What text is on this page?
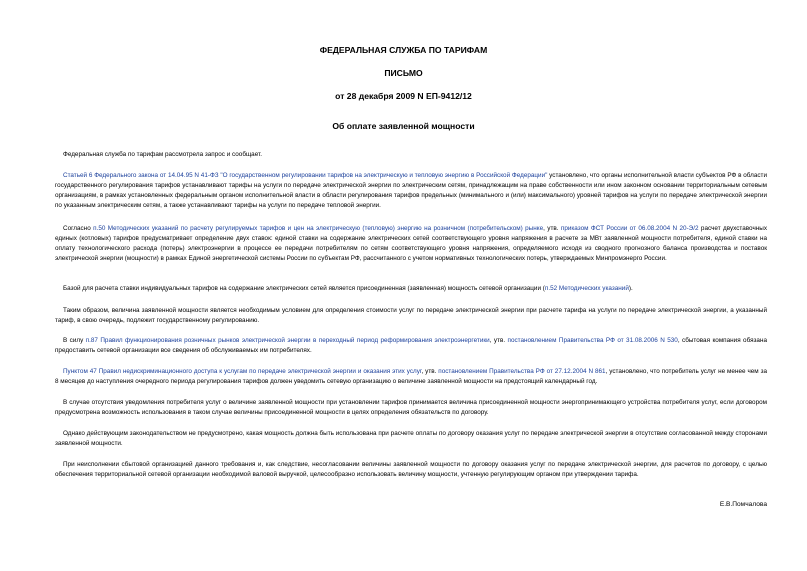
ФЕДЕРАЛЬНАЯ СЛУЖБА ПО ТАРИФАМ
ПИСЬМО
от 28 декабря 2009 N ЕП-9412/12
Об оплате заявленной мощности

Федеральная служба по тарифам рассмотрела запрос и сообщает.

Статьей 6 Федерального закона от 14.04.95 N 41-ФЗ "О государственном регулировании тарифов на электрическую и тепловую энергию в Российской Федерации" установлено, что органы исполнительной власти субъектов РФ в области государственного регулирования тарифов устанавливают тарифы на услуги по передаче электрической энергии по электрическим сетям, принадлежащим на праве собственности или ином законном основании территориальным сетевым организациям, в рамках установленных федеральным органом исполнительной власти в области регулирования тарифов предельных (минимального и (или) максимального) уровней тарифов на услуги по передаче электрической энергии по указанным электрическим сетям, а также устанавливают тарифы на услуги по передаче тепловой энергии.

Согласно п.50 Методических указаний по расчету регулируемых тарифов и цен на электрическую (тепловую) энергию на розничном (потребительском) рынке, утв. приказом ФСТ России от 06.08.2004 N 20-Э/2 расчет двухставочных единых (котловых) тарифов предусматривает определение двух ставок: единой ставки на содержание электрических сетей соответствующего уровня напряжения в расчете за МВт заявленной мощности потребителя, единой ставки на оплату технологического расхода (потерь) электроэнергии в процессе ее передачи потребителям по сетям соответствующего уровня напряжения, определяемого исходя из сводного прогнозного баланса производства и поставок электрической энергии (мощности) в рамках Единой энергетической системы России по субъектам РФ, рассчитанного с учетом нормативных технологических потерь, утверждаемых Минпромэнерго России.

Базой для расчета ставки индивидуальных тарифов на содержание электрических сетей является присоединенная (заявленная) мощность сетевой организации (п.52 Методических указаний).

Таким образом, величина заявленной мощности является необходимым условием для определения стоимости услуг по передаче электрической энергии при расчете тарифа на услуги по передаче электрической энергии, а указанный тариф, в свою очередь, подлежит государственному регулированию.

В силу п.87 Правил функционирования розничных рынков электрической энергии в переходный период реформирования электроэнергетики, утв. постановлением Правительства РФ от 31.08.2006 N 530, сбытовая компания обязана предоставить сетевой организации все сведения об обслуживаемых им потребителях.

Пунктом 47 Правил недискриминационного доступа к услугам по передаче электрической энергии и оказания этих услуг, утв. постановлением Правительства РФ от 27.12.2004 N 861, установлено, что потребитель услуг не менее чем за 8 месяцев до наступления очередного периода регулирования тарифов должен уведомить сетевую организацию о величине заявленной мощности на предстоящий календарный год.

В случае отсутствия уведомления потребителя услуг о величине заявленной мощности при установлении тарифов принимается величина присоединенной мощности энергопринимающего устройства потребителя услуг, если договором предусмотрена возможность использования в таком случае величины присоединенной мощности в целях определения обязательств по договору.

Однако действующим законодательством не предусмотрено, какая мощность должна быть использована при расчете оплаты по договору оказания услуг по передаче электрической энергии в отсутствие согласованной между сторонами заявленной мощности.

При неисполнении сбытовой организацией данного требования и, как следствие, несогласовании величины заявленной мощности по договору оказания услуг по передаче электрической энергии, для расчетов по договору, с целью обеспечения территориальной сетевой организации необходимой валовой выручкой, целесообразно использовать величину мощности, учтенную регулирующим органом при утверждении тарифа.

Е.В.Помчалова
